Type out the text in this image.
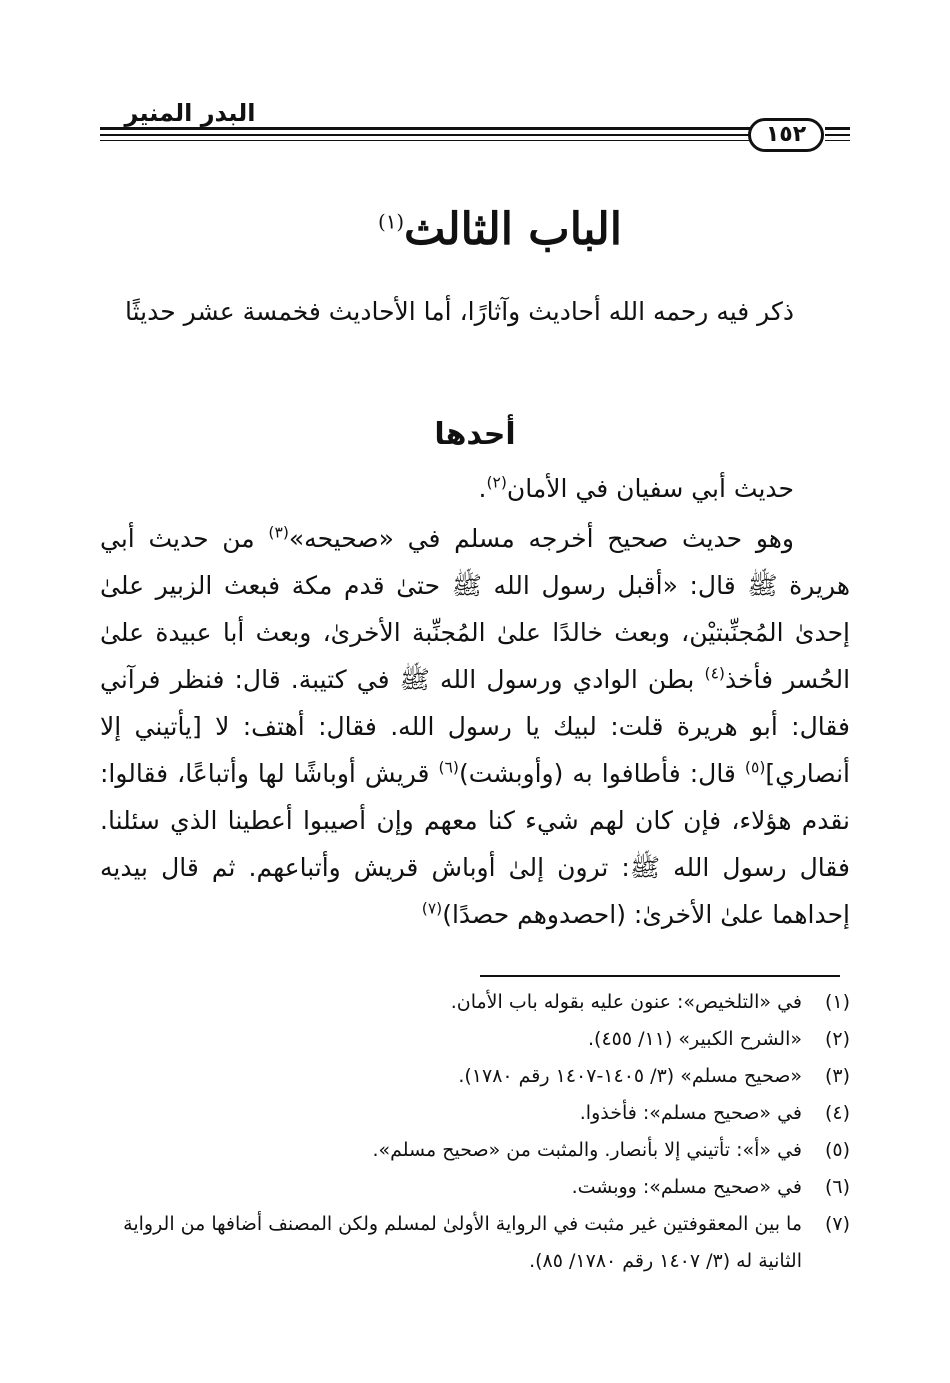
البدر المنير
١٥٢
الباب الثالث$^{(١)}$

ذكر فيه رحمه الله أحاديث وآثارًا، أما الأحاديث فخمسة عشر حديثًا

أحدها

حديث أبي سفيان في الأمان$^{(٢)}$.

وهو حديث صحيح أخرجه مسلم في «صحيحه»$^{(٣)}$ من حديث أبي هريرة ﷺ قال: «أقبل رسول الله ﷺ حتىٰ قدم مكة فبعث الزبير علىٰ إحدىٰ المُجنِّبتيْن، وبعث خالدًا علىٰ المُجنِّبة الأخرىٰ، وبعث أبا عبيدة علىٰ الحُسر فأخذ$^{(٤)}$ بطن الوادي ورسول الله ﷺ في كتيبة. قال: فنظر فرآني فقال: أبو هريرة قلت: لبيك يا رسول الله. فقال: أهتف: لا [يأتيني إلا أنصاري]$^{(٥)}$ قال: فأطافوا به (وأوبشت)$^{(٦)}$ قريش أوباشًا لها وأتباعًا، فقالوا: نقدم هؤلاء، فإن كان لهم شيء كنا معهم وإن أصيبوا أعطينا الذي سئلنا. فقال رسول الله ﷺ: ترون إلىٰ أوباش قريش وأتباعهم. ثم قال بيديه إحداهما علىٰ الأخرىٰ: (احصدوهم حصدًا)$^{(٧)}$

(١)
في «التلخيص»: عنون عليه بقوله باب الأمان.
(٢)
«الشرح الكبير» (١١/ ٤٥٥).
(٣)
«صحيح مسلم» (٣/ ١٤٠٥-١٤٠٧ رقم ١٧٨٠).
(٤)
في «صحيح مسلم»: فأخذوا.
(٥)
في «أ»: تأتيني إلا بأنصار. والمثبت من «صحيح مسلم».
(٦)
في «صحيح مسلم»: ووبشت.
(٧)
ما بين المعقوفتين غير مثبت في الرواية الأولىٰ لمسلم ولكن المصنف أضافها من الرواية الثانية له (٣/ ١٤٠٧ رقم ١٧٨٠/ ٨٥).
